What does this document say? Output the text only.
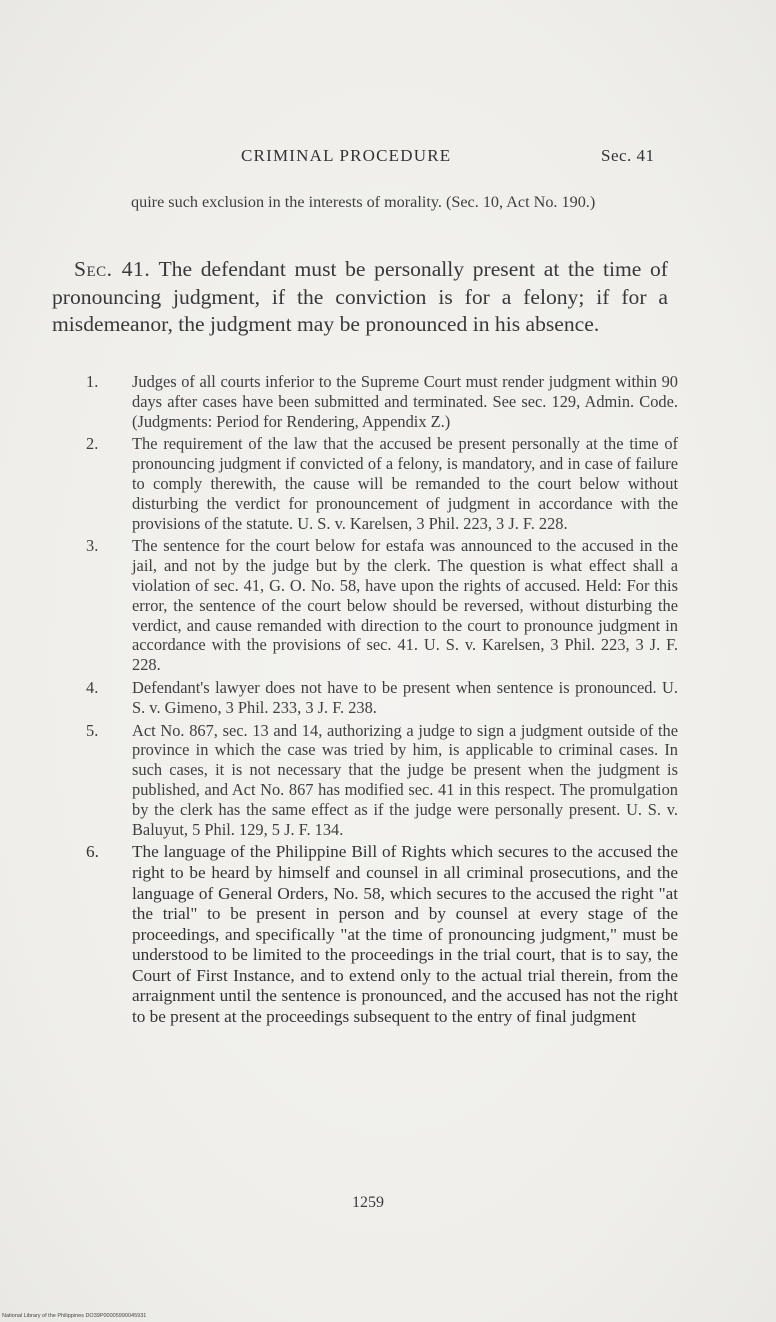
CRIMINAL PROCEDURE	Sec. 41
quire such exclusion in the interests of morality. (Sec. 10, Act No. 190.)
Sec. 41. The defendant must be personally present at the time of pronouncing judgment, if the conviction is for a felony; if for a misdemeanor, the judgment may be pronounced in his absence.
1.	Judges of all courts inferior to the Supreme Court must render judgment within 90 days after cases have been submitted and terminated. See sec. 129, Admin. Code. (Judgments: Period for Rendering, Appendix Z.)
2.	The requirement of the law that the accused be present personally at the time of pronouncing judgment if convicted of a felony, is mandatory, and in case of failure to comply therewith, the cause will be remanded to the court below without disturbing the verdict for pronouncement of judgment in accordance with the provisions of the statute. U. S. v. Karelsen, 3 Phil. 223, 3 J. F. 228.
3.	The sentence for the court below for estafa was announced to the accused in the jail, and not by the judge but by the clerk. The question is what effect shall a violation of sec. 41, G. O. No. 58, have upon the rights of accused. Held: For this error, the sentence of the court below should be reversed, without disturbing the verdict, and cause remanded with direction to the court to pronounce judgment in accordance with the provisions of sec. 41. U. S. v. Karelsen, 3 Phil. 223, 3 J. F. 228.
4.	Defendant's lawyer does not have to be present when sentence is pronounced. U. S. v. Gimeno, 3 Phil. 233, 3 J. F. 238.
5.	Act No. 867, sec. 13 and 14, authorizing a judge to sign a judgment outside of the province in which the case was tried by him, is applicable to criminal cases. In such cases, it is not necessary that the judge be present when the judgment is published, and Act No. 867 has modified sec. 41 in this respect. The promulgation by the clerk has the same effect as if the judge were personally present. U. S. v. Baluyut, 5 Phil. 129, 5 J. F. 134.
6.	The language of the Philippine Bill of Rights which secures to the accused the right to be heard by himself and counsel in all criminal prosecutions, and the language of General Orders, No. 58, which secures to the accused the right "at the trial" to be present in person and by counsel at every stage of the proceedings, and specifically "at the time of pronouncing judgment," must be understood to be limited to the proceedings in the trial court, that is to say, the Court of First Instance, and to extend only to the actual trial therein, from the arraignment until the sentence is pronounced, and the accused has not the right to be present at the proceedings subsequent to the entry of final judgment
1259
National Library of the Philippines DO39P00005990045931
